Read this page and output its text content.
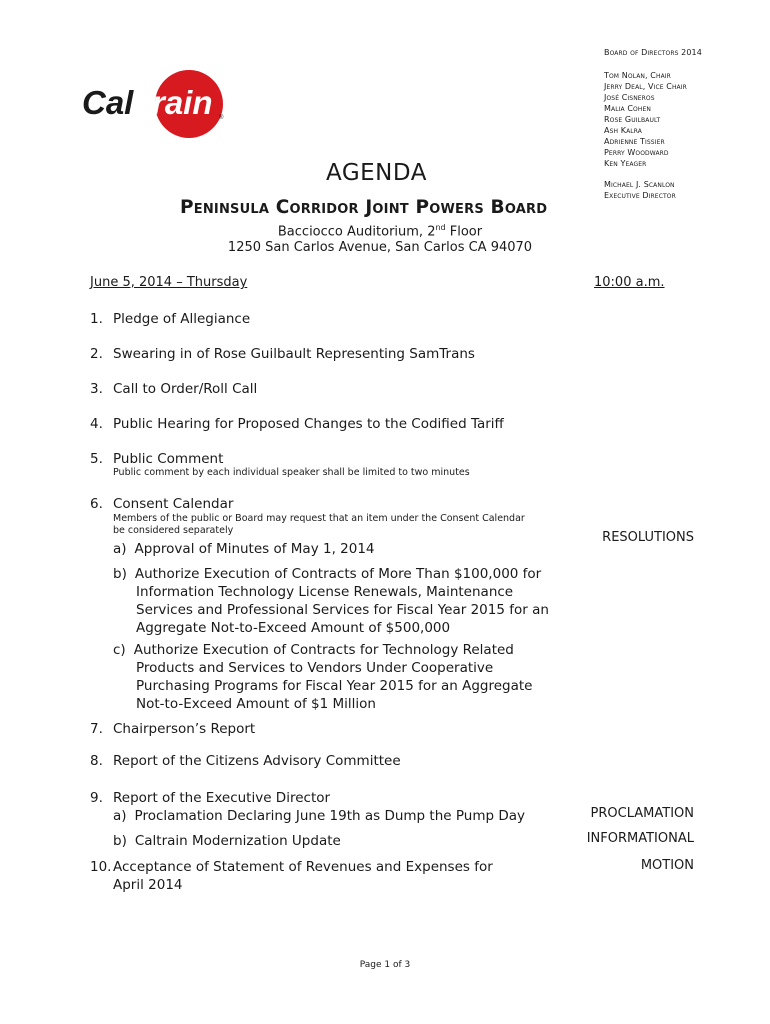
Cal train ®
Board of Directors 2014
Tom Nolan, Chair
Jerry Deal, Vice Chair
José Cisneros
Malia Cohen
Rose Guilbault
Ash Kalra
Adrienne Tissier
Perry Woodward
Ken Yeager
Michael J. Scanlon
Executive Director
AGENDA
Peninsula Corridor Joint Powers Board
Bacciocco Auditorium, 2nd Floor
1250 San Carlos Avenue, San Carlos CA 94070
June 5, 2014 – Thursday	10:00 a.m.
1. Pledge of Allegiance
2. Swearing in of Rose Guilbault Representing SamTrans
3. Call to Order/Roll Call
4. Public Hearing for Proposed Changes to the Codified Tariff
5. Public Comment
Public comment by each individual speaker shall be limited to two minutes
6. Consent Calendar
Members of the public or Board may request that an item under the Consent Calendar
be considered separately	RESOLUTIONS
a) Approval of Minutes of May 1, 2014
b) Authorize Execution of Contracts of More Than $100,000 for
Information Technology License Renewals, Maintenance
Services and Professional Services for Fiscal Year 2015 for an
Aggregate Not-to-Exceed Amount of $500,000
c) Authorize Execution of Contracts for Technology Related
Products and Services to Vendors Under Cooperative
Purchasing Programs for Fiscal Year 2015 for an Aggregate
Not-to-Exceed Amount of $1 Million
7. Chairperson’s Report
8. Report of the Citizens Advisory Committee
9. Report of the Executive Director
a) Proclamation Declaring June 19th as Dump the Pump Day	PROCLAMATION
b) Caltrain Modernization Update	INFORMATIONAL
10. Acceptance of Statement of Revenues and Expenses for
April 2014
MOTION
Page 1 of 3
